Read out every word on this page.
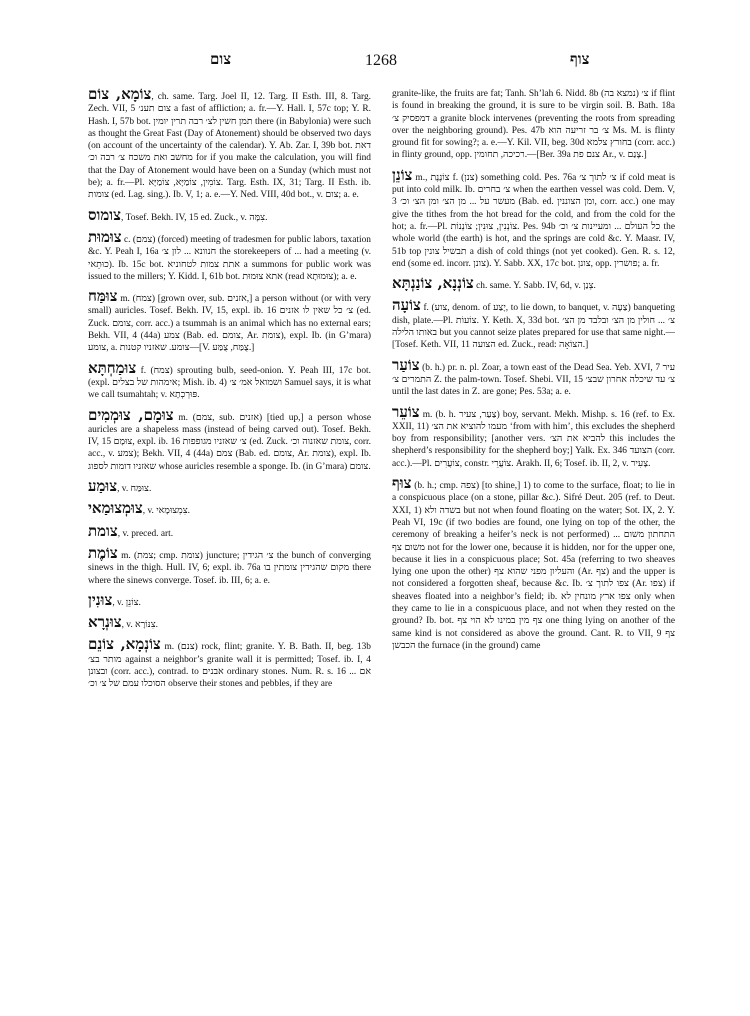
צום	1268	צוף

צוֹמָא, צוֹם, ch. same. Targ. Joel II, 12. Targ. II Esth. III, 8. Targ. Zech. VII, 5 צום תענ׳ a fast of affliction; a. fr.—Y. Hall. I, 57c top; Y. R. Hash. I, 57b bot. תמן חשין לצ׳ רבה תרין יומין there (in Babylonia) were such as thought the Great Fast (Day of Atonement) should be observed two days (on account of the uncertainty of the calendar). Y. Ab. Zar. I, 39b bot. דאת מחשב ואת משכח צ׳ רבה וכ׳ for if you make the calculation, you will find that the Day of Atonement would have been on a Sunday (which must not be); a. fr.—Pl. צוֹמִין, צוֹמַיָּא, צוֹמַיָּא. Targ. Esth. IX, 31; Targ. II Esth. ib. צומות (ed. Lag. sing.). Ib. V, 1; a. e.—Y. Ned. VIII, 40d bot., v. צום; a. e.

צומוס, Tosef. Bekh. IV, 15 ed. Zuck., v. צִמָּה.

צוּמוּת c. (צמם) (forced) meeting of tradesmen for public labors, taxation &c. Y. Peah I, 16a חנוונא ... לון צ׳ the storekeepers of ... had a meeting (v. כוּתֵאי). Ib. 15c bot. אתת צמות לטחוניא a summons for public work was issued to the millers; Y. Kidd. I, 61b bot. אתא צוּמוּת (read צוּמוּתָא); a. e.

צוּמַּח m. (צמח) [grown over, sub. אזנים,] a person without (or with very small) auricles. Tosef. Bekh. IV, 15, expl. ib. 16 צ׳ כל שאין לו אזנים (ed. Zuck. צומם, corr. acc.) a tsummah is an animal which has no external ears; Bekh. VII, 4 (44a) צמע (Bab. ed. צומם, Ar. צומת), expl. Ib. (in G’mara) צומע, a. צומע. שאזניו קטנות—[V. צֻמַּח, צֻמַּע.]

צוּמַחְתָּא f. (צמח) sprouting bulb, seed-onion. Y. Peah III, 17c bot. (expl. אימהות של בצלים; Mish. ib. 4) ושמואל אמ׳ צ׳ Samuel says, it is what we call tsumahtah; v. פּוּרְכְתָא.

צוּמָם, צוּמְמִים m. (צמם, sub. אזנים) [tied up,] a person whose auricles are a shapeless mass (instead of being carved out). Tosef. Bekh. IV, 15 צוּמָם, expl. ib. 16 צ׳ שאזניו מגופפות (ed. Zuck. צומת שאזנוה וכ׳, corr. acc., v. צמע); Bekh. VII, 4 (44a) צמם (Bab. ed. צומם, Ar. צומת), expl. Ib. שאזניו דומות לספוג whose auricles resemble a sponge. Ib. (in G’mara) צומם.

צוּמַע, v. צוּמַּח.

צוּמְצוּמַאי, v. צִמְצוּמָאי.

צומת, v. preced. art.

צוֹמֶת m. (צמת; cmp. צומת) juncture; צ׳ הגידין the bunch of converging sinews in the thigh. Hull. IV, 6; expl. ib. 76a מקום שהגידין צומתין בו there where the sinews converge. Tosef. ib. III, 6; a. e.

צוּנִין, v. צוֹנֵן.

צוּנְרָא, v. צִנּוֹרָא.

צוֹנְמָא, צוֹנֵם m. (צנם) rock, flint; granite. Y. B. Bath. II, beg. 13b מותר בצ׳ against a neighbor’s granite wall it is permitted; Tosef. ib. I, 4 ובצונן (corr. acc.), contrad. to אבנים ordinary stones. Num. R. s. 16 אם ... הסוכלו עמם של צ׳ וכ׳ observe their stones and pebbles, if they are

granite-like, the fruits are fat; Tanh. Sh’lah 6. Nidd. 8b צ׳ (נמצא בה) if flint is found in breaking the ground, it is sure to be virgin soil. B. Bath. 18a דמפסיק צ׳ a granite block intervenes (preventing the roots from spreading over the neighboring ground). Pes. 47b צ׳ בר זריעה הוא Ms. M. is flinty ground fit for sowing?; a. e.—Y. Kil. VII, beg. 30d בחורץ צלמא (corr. acc.) in flinty ground, opp. רכיכה, תחומין.—[Ber. 39a צנם פת Ar., v. צָנַם.]

צוֹנֵן m., צוֹנֶנֶת f. (צנן) something cold. Pes. 76a צ׳ לתוך צ׳ if cold meat is put into cold milk. Ib. צ׳ בחרים when the earthen vessel was cold. Dem. V, 3 מעשר על ... מן הצ׳ ומן הצ׳ וכ׳ (Bab. ed. ומן הצוננין, corr. acc.) one may give the tithes from the hot bread for the cold, and from the cold for the hot; a. fr.—Pl. צוֹנְנִין, צוּנִין; צוֹנְנוֹת. Pes. 94b כל העולם ... ומעיינות צ׳ וכ׳ the whole world (the earth) is hot, and the springs are cold &c. Y. Maasr. IV, 51b top תבשיל צונין a dish of cold things (not yet cooked). Gen. R. s. 12, end (some ed. incorr. צונן). Y. Sabb. XX, 17c bot. צונן, opp. פושרין; a. fr.

צוֹנְנָא, צוֹנַנְתָּא ch. same. Y. Sabb. IV, 6d, v. צְנַן.

צוֹעָה f. (צוע, denom. of יָצַע, to lie down, to banquet, v. צַעָה) banqueting dish, plate.—Pl. צוֹעוֹת. Y. Keth. X, 33d bot. צ׳ ... חולין מן הצ׳ ובלבד מן הצ׳ באותו הלילה but you cannot seize plates prepared for use that same night.—[Tosef. Keth. VII, 11 הצועה ed. Zuck., read: הצוֹאָה.]

צוֹעַר (b. h.) pr. n. pl. Zoar, a town east of the Dead Sea. Yeb. XVI, 7 עיר התמרים צ׳ Z. the palm-town. Tosef. Shebi. VII, 15 צ׳ עד שיכלה אחרון שבצ׳ until the last dates in Z. are gone; Pes. 53a; a. e.

צוֹעֵר m. (b. h. צַעַר, צעיר) boy, servant. Mekh. Mishp. s. 16 (ref. to Ex. XXII, 11) מעמו להוציא את הצ׳ ‘from with him’, this excludes the shepherd boy from responsibility; [another vers. להביא את הצ׳ this includes the shepherd’s responsibility for the shepherd boy;] Yalk. Ex. 346 הצועד (corr. acc.).—Pl. צוֹעֲרִים, constr. צוֹעֲרֵי. Arakh. II, 6; Tosef. ib. II, 2, v. צָעִיר.

צוּף (b. h.; cmp. צפה) [to shine,] 1) to come to the surface, float; to lie in a conspicuous place (on a stone, pillar &c.). Sifré Deut. 205 (ref. to Deut. XXI, 1) בשדה ולא but not when found floating on the water; Sot. IX, 2. Y. Peah VI, 19c (if two bodies are found, one lying on top of the other, the ceremony of breaking a heifer’s neck is not performed) התחתון משום ... משום צף not for the lower one, because it is hidden, nor for the upper one, because it lies in a conspicuous place; Sot. 45a (referring to two sheaves lying one upon the other) והעליון מפני שהוא צף (Ar. צף) and the upper is not considered a forgotten sheaf, because &c. Ib. צפו לתוך צ׳ (Ar. צפו) if sheaves floated into a neighbor’s field; ib. צפו ארץ מונחין לא only when they came to lie in a conspicuous place, and not when they rested on the ground? Ib. bot. צף מין במינו לא הוי צף one thing lying on another of the same kind is not considered as above the ground. Cant. R. to VII, 9 צף הכבשן the furnace (in the ground) came
